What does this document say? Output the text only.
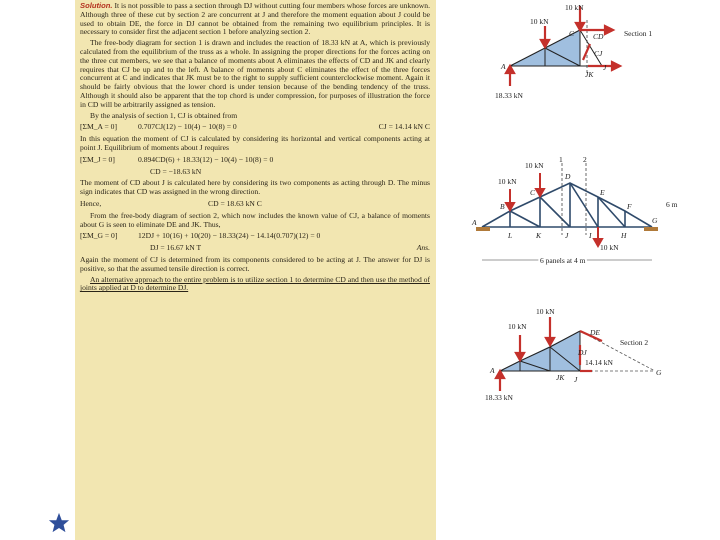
Solution. It is not possible to pass a section through DJ without cutting four members whose forces are unknown. Although three of these cut by section 2 are concurrent at J and therefore the moment equation about J could be used to obtain DE, the force in DJ cannot be obtained from the remaining two equilibrium principles. It is necessary to consider first the adjacent section 1 before analyzing section 2.

The free-body diagram for section 1 is drawn and includes the reaction of 18.33 kN at A, which is previously calculated from the equilibrium of the truss as a whole. In assigning the proper directions for the forces acting on the three cut members, we see that a balance of moments about A eliminates the effects of CD and JK and clearly requires that CJ be up and to the left. A balance of moments about C eliminates the effect of the three forces concurrent at C and indicates that JK must be to the right to supply sufficient counterclockwise moment. Again it should be fairly obvious that the lower chord is under tension because of the bending tendency of the truss. Although it should also be apparent that the top chord is under compression, for purposes of illustration the force in CD will be arbitrarily assigned as tension.

By the analysis of section 1, CJ is obtained from

[ΣM_A = 0]	0.707CJ(12) − 10(4) − 10(8) = 0	CJ = 14.14 kN C

In this equation the moment of CJ is calculated by considering its horizontal and vertical components acting at point J. Equilibrium of moments about J requires

[ΣM_J = 0]	0.894CD(6) + 18.33(12) − 10(4) − 10(8) = 0
CD = −18.63 kN

The moment of CD about J is calculated here by considering its two components as acting through D. The minus sign indicates that CD was assigned in the wrong direction.

Hence,	CD = 18.63 kN C

From the free-body diagram of section 2, which now includes the known value of CJ, a balance of moments about G is seen to eliminate DE and JK. Thus,

[ΣM_G = 0]	12DJ + 10(16) + 10(20) − 18.33(24) − 14.14(0.707)(12) = 0
DJ = 16.67 kN T	Ans.

Again the moment of CJ is determined from its components considered to be acting at J. The answer for DJ is positive, so that the assumed tensile direction is correct.

An alternative approach to the entire problem is to utilize section 1 to determine CD and then use the method of joints applied at D to determine DJ.

10 kN
10 kN
C	CD
CJ
JK
J
A
18.33 kN
Section 1
10 kN
10 kN
10 kN
1	2
A
B
C
D
E
F
G
L	K	J	I	H
6 m
6 panels at 4 m
10 kN
10 kN
DE
DJ
14.14 kN
JK J
A	G
18.33 kN
Section 2
